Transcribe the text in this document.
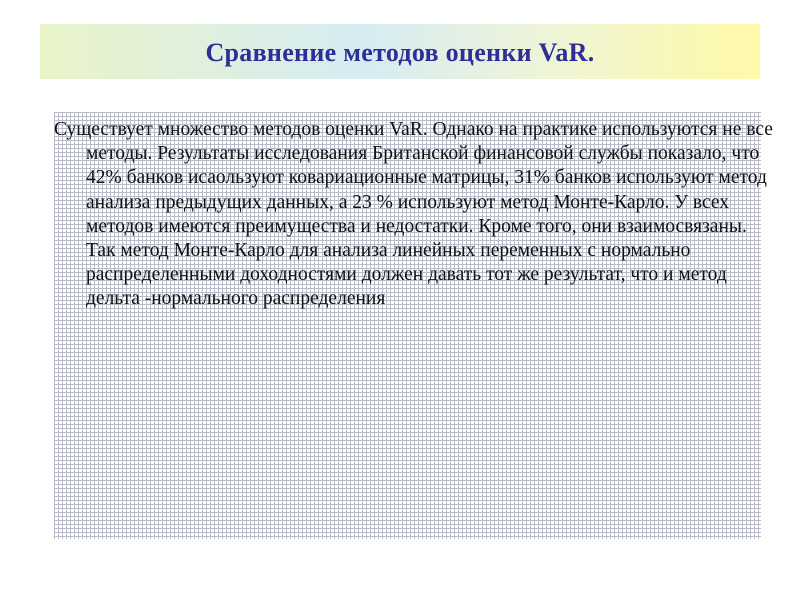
Сравнение методов оценки VaR.

Существует множество методов оценки VaR. Однако на практике используются не все методы. Результаты исследования Британской финансовой службы показало, что 42% банков исаользуют ковариационные матрицы, 31% банков используют метод анализа предыдущих данных, а 23 % используют метод Монте-Карло. У всех методов имеются преимущества и недостатки. Кроме того, они взаимосвязаны. Так метод Монте-Карло для анализа линейных переменных с нормально распределенными доходностями должен давать тот же результат, что и метод дельта -нормального распределения
